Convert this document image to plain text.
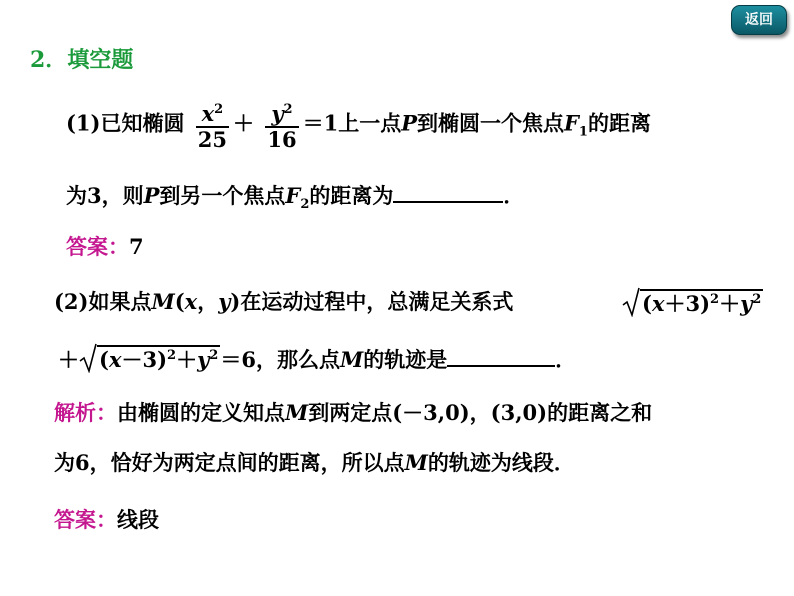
返回
2．填空题
(1)已知椭圆 $\frac{x^2}{25} + \frac{y^2}{16} =1$上一点P到椭圆一个焦点$F_1$的距离
为3，则P到另一个焦点$F_2$的距离为	．
答案：7
(2)如果点M(x，y)在运动过程中，总满足关系式	$(x+3)^2+y^2$
＋ $(x-3)^2+y^2=6$，那么点M的轨迹是	．
解析：由椭圆的定义知点M到两定点(－3,0)，(3,0)的距离之和
为6，恰好为两定点间的距离，所以点M的轨迹为线段．
答案：线段
